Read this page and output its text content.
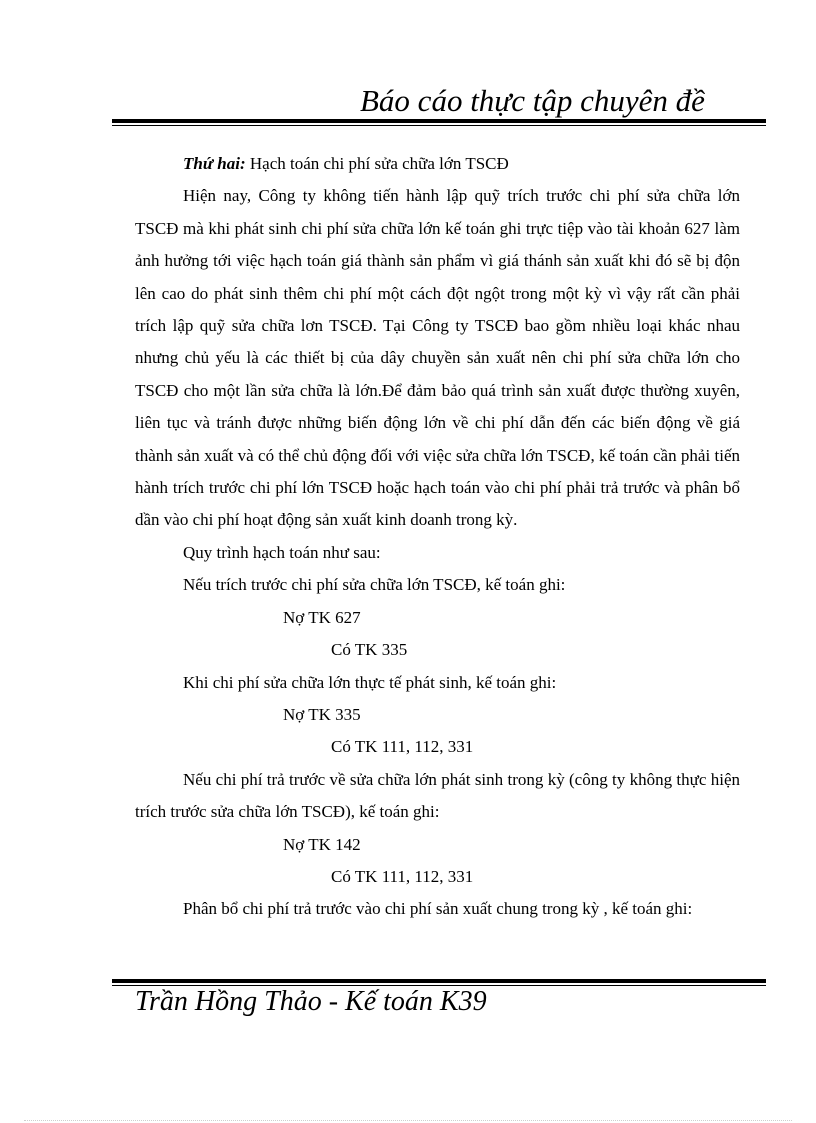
Báo cáo thực tập chuyên đề

Thứ hai: Hạch toán chi phí sửa chữa lớn TSCĐ

Hiện nay, Công ty không tiến hành lập quỹ trích trước chi phí sửa chữa lớn TSCĐ mà khi phát sinh chi phí sửa chữa lớn kế toán ghi trực tiệp vào tài khoản 627 làm ảnh hưởng tới việc hạch toán giá thành sản phẩm vì giá thánh sản xuất khi đó sẽ bị độn lên cao do phát sinh thêm chi phí một cách đột ngột trong một kỳ vì vậy rất cần phải trích lập quỹ sửa chữa lơn TSCĐ. Tại Công ty TSCĐ bao gồm nhiều loại khác nhau nhưng chủ yếu là các thiết bị của dây chuyền sản xuất nên chi phí sửa chữa lớn cho TSCĐ cho một lần sửa chữa là lớn.Để đảm bảo quá trình sản xuất được thường xuyên, liên tục và tránh được những biến động lớn về chi phí dẫn đến các biến động về giá thành sản xuất và có thể chủ động đối với việc sửa chữa lớn TSCĐ, kế toán cần phải tiến hành trích trước chi phí lớn TSCĐ hoặc hạch toán vào chi phí phải trả trước và phân bổ dần vào chi phí hoạt động sản xuất kinh doanh trong kỳ.

Quy trình hạch toán như sau:

Nếu trích trước chi phí sửa chữa lớn TSCĐ, kế toán ghi:

Nợ TK 627
Có TK 335

Khi chi phí sửa chữa lớn thực tế phát sinh, kế toán ghi:

Nợ TK 335
Có TK 111, 112, 331

Nếu chi phí trả trước về sửa chữa lớn phát sinh trong kỳ (công ty không thực hiện trích trước sửa chữa lớn TSCĐ), kế toán ghi:

Nợ TK 142
Có TK 111, 112, 331

Phân bổ chi phí trả trước vào chi phí sản xuất chung trong kỳ , kế toán ghi:

Trần Hồng Thảo - Kế toán K39
